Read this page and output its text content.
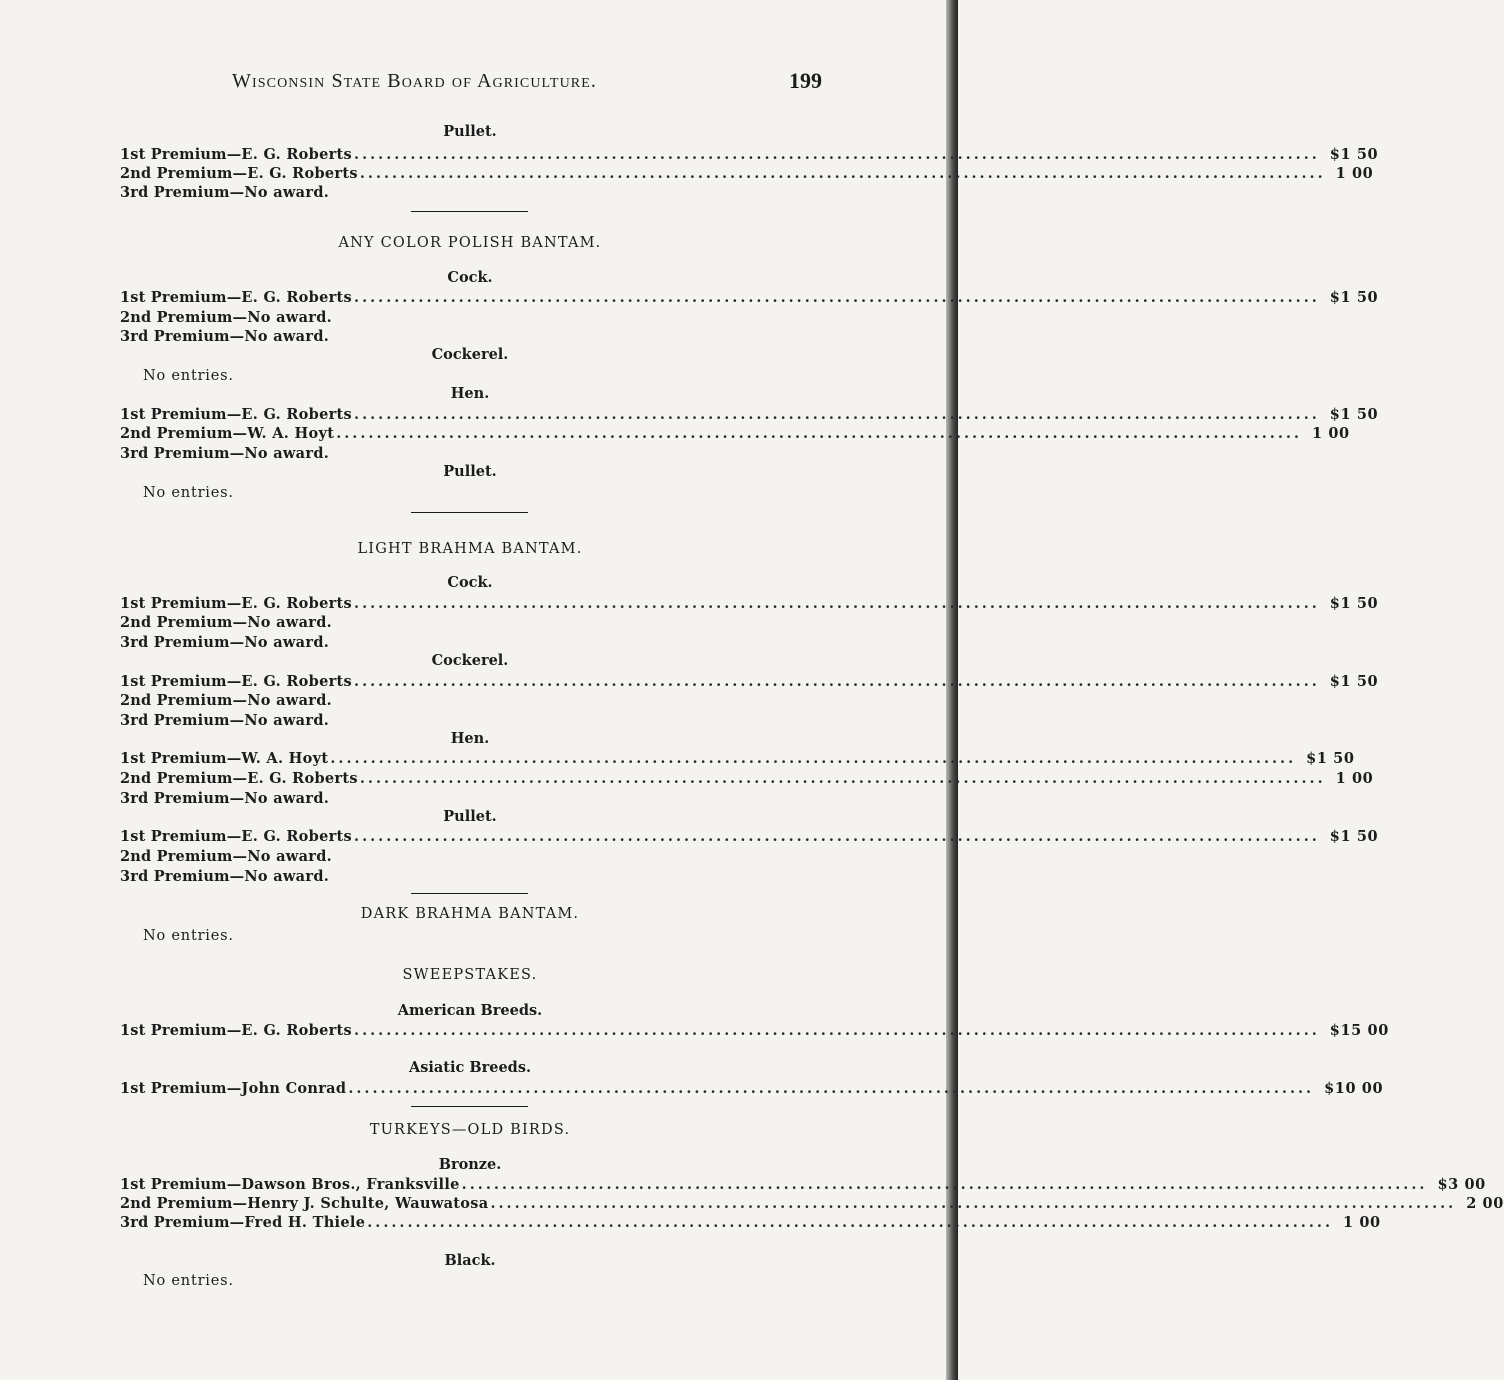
Wisconsin State Board of Agriculture.	199
Pullet.
1st Premium— E. G. Roberts ........................................................................................................................ $1 50
2nd Premium— E. G. Roberts ........................................................................................................................ 1 00
3rd Premium— No award.
ANY COLOR POLISH BANTAM.
Cock.
1st Premium— E. G. Roberts ........................................................................................................................ $1 50
2nd Premium— No award.
3rd Premium— No award.
Cockerel.
No entries.
Hen.
1st Premium— E. G. Roberts ........................................................................................................................ $1 50
2nd Premium— W. A. Hoyt ........................................................................................................................ 1 00
3rd Premium— No award.
Pullet.
No entries.
LIGHT BRAHMA BANTAM.
Cock.
1st Premium— E. G. Roberts ........................................................................................................................ $1 50
2nd Premium— No award.
3rd Premium— No award.
Cockerel.
1st Premium— E. G. Roberts ........................................................................................................................ $1 50
2nd Premium— No award.
3rd Premium— No award.
Hen.
1st Premium— W. A. Hoyt ........................................................................................................................ $1 50
2nd Premium— E. G. Roberts ........................................................................................................................ 1 00
3rd Premium— No award.
Pullet.
1st Premium— E. G. Roberts ........................................................................................................................ $1 50
2nd Premium— No award.
3rd Premium— No award.
DARK BRAHMA BANTAM.
No entries.
SWEEPSTAKES.
American Breeds.
1st Premium— E. G. Roberts ........................................................................................................................ $15 00
Asiatic Breeds.
1st Premium— John Conrad ........................................................................................................................ $10 00
TURKEYS—OLD BIRDS.
Bronze.
1st Premium— Dawson Bros., Franksville ........................................................................................................................ $3 00
2nd Premium— Henry J. Schulte, Wauwatosa ........................................................................................................................ 2 00
3rd Premium— Fred H. Thiele ........................................................................................................................ 1 00
Black.
No entries.
